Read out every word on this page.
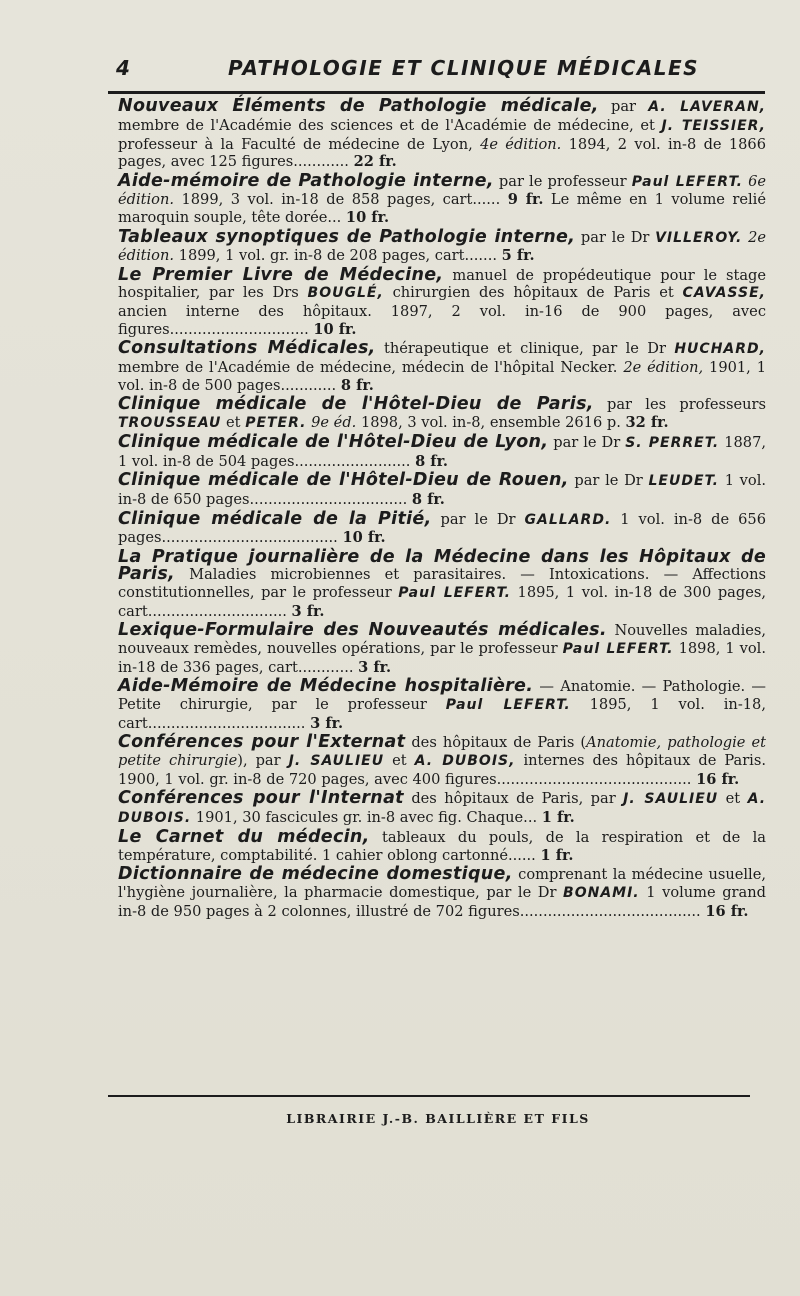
4	PATHOLOGIE ET CLINIQUE MÉDICALES

Nouveaux Éléments de Pathologie médicale, par A. LAVERAN, membre de l'Académie des sciences et de l'Académie de médecine, et J. TEISSIER, professeur à la Faculté de médecine de Lyon, 4e édition. 1894, 2 vol. in-8 de 1866 pages, avec 125 figures............ 22 fr.

Aide-mémoire de Pathologie interne, par le professeur Paul LEFERT. 6e édition. 1899, 3 vol. in-18 de 858 pages, cart...... 9 fr. Le même en 1 volume relié maroquin souple, tête dorée... 10 fr.

Tableaux synoptiques de Pathologie interne, par le Dr VILLEROY. 2e édition. 1899, 1 vol. gr. in-8 de 208 pages, cart....... 5 fr.

Le Premier Livre de Médecine, manuel de propédeutique pour le stage hospitalier, par les Drs BOUGLÉ, chirurgien des hôpitaux de Paris et CAVASSE, ancien interne des hôpitaux. 1897, 2 vol. in-16 de 900 pages, avec figures.............................. 10 fr.

Consultations Médicales, thérapeutique et clinique, par le Dr HUCHARD, membre de l'Académie de médecine, médecin de l'hôpital Necker. 2e édition, 1901, 1 vol. in-8 de 500 pages............ 8 fr.

Clinique médicale de l'Hôtel-Dieu de Paris, par les professeurs TROUSSEAU et PETER. 9e éd. 1898, 3 vol. in-8, ensemble 2616 p. 32 fr.

Clinique médicale de l'Hôtel-Dieu de Lyon, par le Dr S. PERRET. 1887, 1 vol. in-8 de 504 pages......................... 8 fr.

Clinique médicale de l'Hôtel-Dieu de Rouen, par le Dr LEUDET. 1 vol. in-8 de 650 pages.................................. 8 fr.

Clinique médicale de la Pitié, par le Dr GALLARD. 1 vol. in-8 de 656 pages...................................... 10 fr.

La Pratique journalière de la Médecine dans les Hôpitaux de Paris, Maladies microbiennes et parasitaires. — Intoxications. — Affections constitutionnelles, par le professeur Paul LEFERT. 1895, 1 vol. in-18 de 300 pages, cart.............................. 3 fr.

Lexique-Formulaire des Nouveautés médicales. Nouvelles maladies, nouveaux remèdes, nouvelles opérations, par le professeur Paul LEFERT. 1898, 1 vol. in-18 de 336 pages, cart............ 3 fr.

Aide-Mémoire de Médecine hospitalière. — Anatomie. — Pathologie. — Petite chirurgie, par le professeur Paul LEFERT. 1895, 1 vol. in-18, cart.................................. 3 fr.

Conférences pour l'Externat des hôpitaux de Paris (Anatomie, pathologie et petite chirurgie), par J. SAULIEU et A. DUBOIS, internes des hôpitaux de Paris. 1900, 1 vol. gr. in-8 de 720 pages, avec 400 figures.......................................... 16 fr.

Conférences pour l'Internat des hôpitaux de Paris, par J. SAULIEU et A. DUBOIS. 1901, 30 fascicules gr. in-8 avec fig. Chaque... 1 fr.

Le Carnet du médecin, tableaux du pouls, de la respiration et de la température, comptabilité. 1 cahier oblong cartonné...... 1 fr.

Dictionnaire de médecine domestique, comprenant la médecine usuelle, l'hygiène journalière, la pharmacie domestique, par le Dr BONAMI. 1 volume grand in-8 de 950 pages à 2 colonnes, illustré de 702 figures....................................... 16 fr.

LIBRAIRIE J.-B. BAILLIÈRE ET FILS
